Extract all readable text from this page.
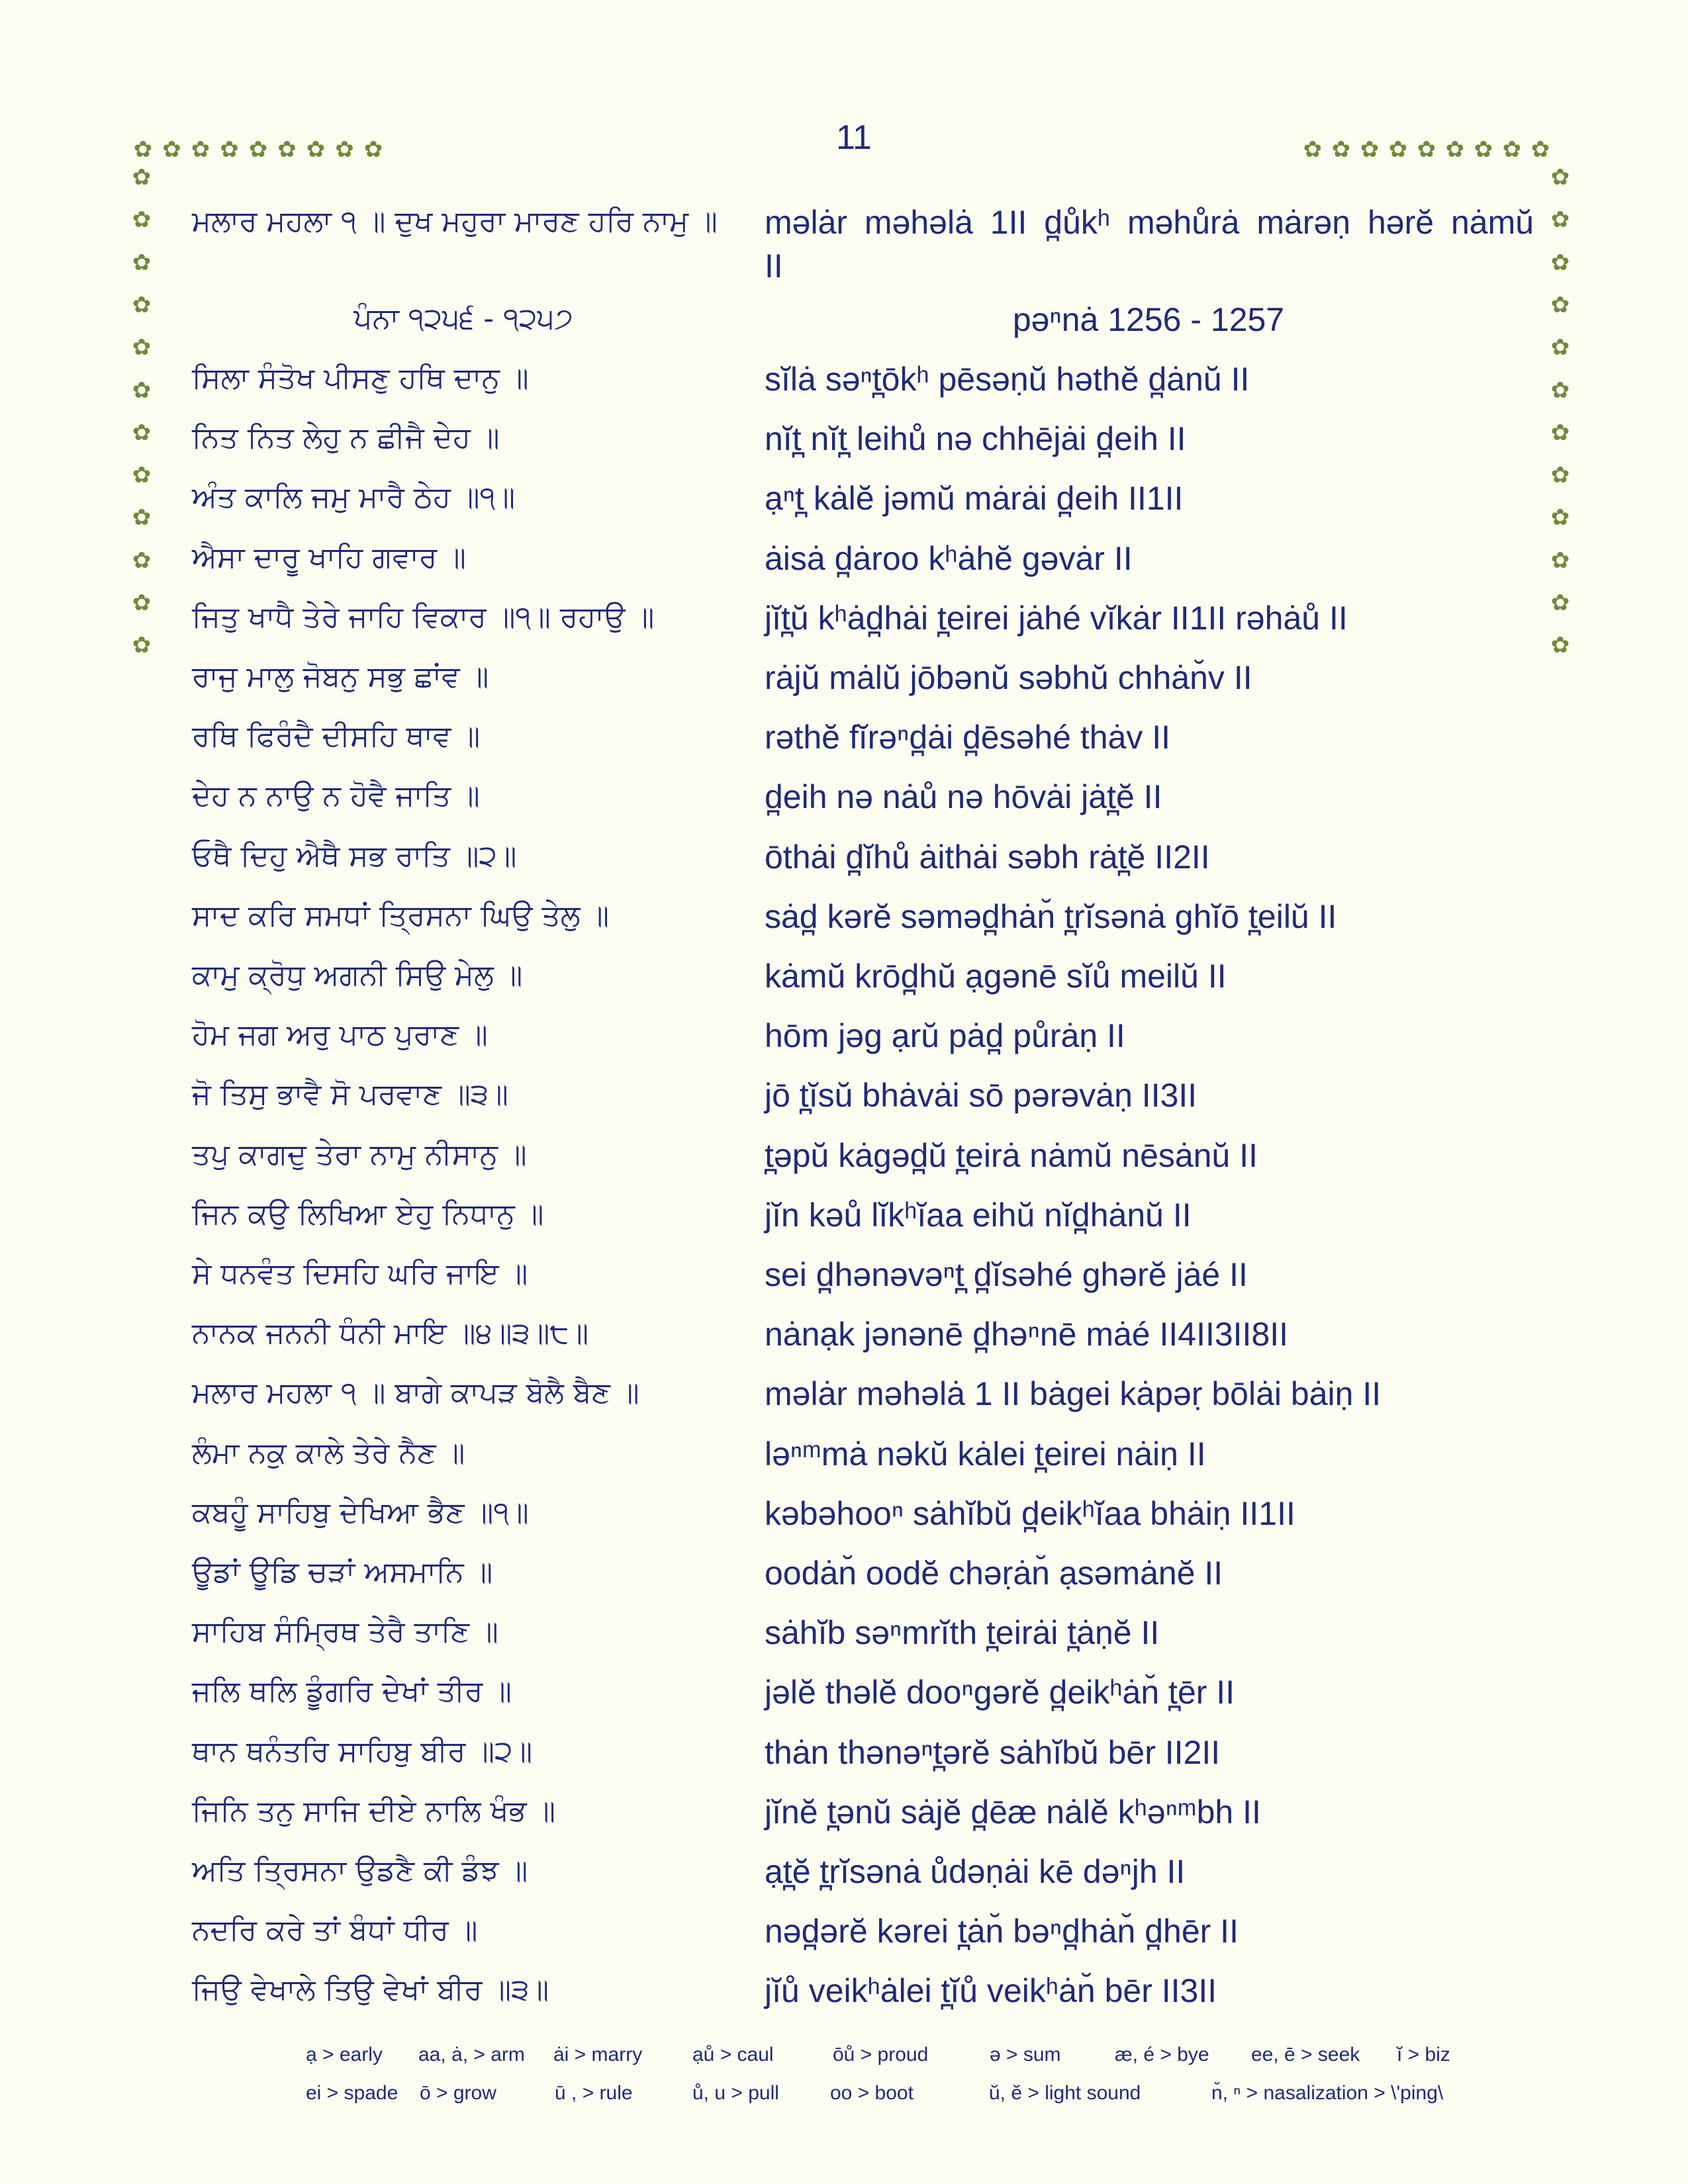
11
✿ ✿ ✿ ✿ ✿ ✿ ✿ ✿ ✿	✿ ✿ ✿ ✿ ✿ ✿ ✿ ✿ ✿
✿
✿
✿
✿
✿
✿
✿
✿
✿
✿
✿
✿
✿
✿
✿
✿
✿
✿
✿
✿
✿
✿
✿
✿
ਮਲਾਰ ਮਹਲਾ ੧ ॥ ਦੁਖ ਮਹੁਰਾ ਮਾਰਣ ਹਰਿ ਨਾਮੁ ॥	məlȧr məhəlȧ 1II d̪ůkʰ məhůrȧ mȧrəṇ hərĕ nȧmŭ II
ਪੰਨਾ ੧੨੫੬ - ੧੨੫੭	pəⁿnȧ 1256 - 1257
ਸਿਲਾ ਸੰਤੋਖ ਪੀਸਣੁ ਹਥਿ ਦਾਨੁ ॥	sĭlȧ səⁿt̪ōkʰ pēsəṇŭ həthĕ d̪ȧnŭ II
ਨਿਤ ਨਿਤ ਲੇਹੁ ਨ ਛੀਜੈ ਦੇਹ ॥	nĭt̪ nĭt̪ leihů nə chhējȧi d̪eih II
ਅੰਤ ਕਾਲਿ ਜਮੁ ਮਾਰੈ ਠੇਹ ॥੧॥	ạⁿt̪ kȧlĕ jəmŭ mȧrȧi d̪eih II1II
ਐਸਾ ਦਾਰੂ ਖਾਹਿ ਗਵਾਰ ॥	ȧisȧ d̪ȧroo kʰȧhĕ gəvȧr II
ਜਿਤੁ ਖਾਧੈ ਤੇਰੇ ਜਾਹਿ ਵਿਕਾਰ ॥੧॥ ਰਹਾਉ ॥	jĭt̪ŭ kʰȧd̪hȧi t̪eirei jȧhé vĭkȧr II1II rəhȧů II
ਰਾਜੁ ਮਾਲੁ ਜੋਬਨੁ ਸਭੁ ਛਾਂਵ ॥	rȧjŭ mȧlŭ jōbənŭ səbhŭ chhȧn̆v II
ਰਥਿ ਫਿਰੰਦੈ ਦੀਸਹਿ ਥਾਵ ॥	rəthĕ fĭrəⁿd̪ȧi d̪ēsəhé thȧv II
ਦੇਹ ਨ ਨਾਉ ਨ ਹੋਵੈ ਜਾਤਿ ॥	d̪eih nə nȧů nə hōvȧi jȧt̪ĕ II
ਓਥੈ ਦਿਹੁ ਐਥੈ ਸਭ ਰਾਤਿ ॥੨॥	ōthȧi d̪ĭhů ȧithȧi səbh rȧt̪ĕ II2II
ਸਾਦ ਕਰਿ ਸਮਧਾਂ ਤ੍ਰਿਸਨਾ ਘਿਉ ਤੇਲੁ ॥	sȧd̪ kərĕ səməd̪hȧn̆ t̪rĭsənȧ ghĭō t̪eilŭ II
ਕਾਮੁ ਕ੍ਰੋਧੁ ਅਗਨੀ ਸਿਉ ਮੇਲੁ ॥	kȧmŭ krōd̪hŭ ạgənē sĭů meilŭ II
ਹੋਮ ਜਗ ਅਰੁ ਪਾਠ ਪੁਰਾਣ ॥	hōm jəg ạrŭ pȧd̪ půrȧṇ II
ਜੋ ਤਿਸੁ ਭਾਵੈ ਸੋ ਪਰਵਾਣ ॥੩॥	jō t̪ĭsŭ bhȧvȧi sō pərəvȧṇ II3II
ਤਪੁ ਕਾਗਦੁ ਤੇਰਾ ਨਾਮੁ ਨੀਸਾਨੁ ॥	t̪əpŭ kȧgəd̪ŭ t̪eirȧ nȧmŭ nēsȧnŭ II
ਜਿਨ ਕਉ ਲਿਖਿਆ ਏਹੁ ਨਿਧਾਨੁ ॥	jĭn kəů lĭkʰĭaa eihŭ nĭd̪hȧnŭ II
ਸੇ ਧਨਵੰਤ ਦਿਸਹਿ ਘਰਿ ਜਾਇ ॥	sei d̪hənəvəⁿt̪ d̪ĭsəhé ghərĕ jȧé II
ਨਾਨਕ ਜਨਨੀ ਧੰਨੀ ਮਾਇ ॥੪॥੩॥੮॥	nȧnạk jənənē d̪həⁿnē mȧé II4II3II8II
ਮਲਾਰ ਮਹਲਾ ੧ ॥ ਬਾਗੇ ਕਾਪੜ ਬੋਲੈ ਬੈਣ ॥	məlȧr məhəlȧ 1 II bȧgei kȧpəṛ bōlȧi bȧiṇ II
ਲੰਮਾ ਨਕੁ ਕਾਲੇ ਤੇਰੇ ਨੈਣ ॥	ləⁿᵐmȧ nəkŭ kȧlei t̪eirei nȧiṇ II
ਕਬਹੂੰ ਸਾਹਿਬੁ ਦੇਖਿਆ ਭੈਣ ॥੧॥	kəbəhooⁿ sȧhĭbŭ d̪eikʰĭaa bhȧiṇ II1II
ਊਡਾਂ ਊਡਿ ਚੜਾਂ ਅਸਮਾਨਿ ॥	oodȧn̆ oodĕ chəṛȧn̆ ạsəmȧnĕ II
ਸਾਹਿਬ ਸੰਮ੍ਰਿਥ ਤੇਰੈ ਤਾਣਿ ॥	sȧhĭb səⁿmrĭth t̪eirȧi t̪ȧṇĕ II
ਜਲਿ ਥਲਿ ਡੂੰਗਰਿ ਦੇਖਾਂ ਤੀਰ ॥	jəlĕ thəlĕ dooⁿgərĕ d̪eikʰȧn̆ t̪ēr II
ਥਾਨ ਥਨੰਤਰਿ ਸਾਹਿਬੁ ਬੀਰ ॥੨॥	thȧn thənəⁿt̪ərĕ sȧhĭbŭ bēr II2II
ਜਿਨਿ ਤਨੁ ਸਾਜਿ ਦੀਏ ਨਾਲਿ ਖੰਭ ॥	jĭnĕ t̪ənŭ sȧjĕ d̪ēæ nȧlĕ kʰəⁿᵐbh II
ਅਤਿ ਤ੍ਰਿਸਨਾ ਉਡਣੈ ਕੀ ਡੰਝ ॥	ạt̪ĕ t̪rĭsənȧ ůdəṇȧi kē dəⁿjh II
ਨਦਰਿ ਕਰੇ ਤਾਂ ਬੰਧਾਂ ਧੀਰ ॥	nəd̪ərĕ kərei t̪ȧn̆ bəⁿd̪hȧn̆ d̪hēr II
ਜਿਉ ਵੇਖਾਲੇ ਤਿਉ ਵੇਖਾਂ ਬੀਰ ॥੩॥	jĭů veikʰȧlei t̪ĭů veikʰȧn̆ bēr II3II
ạ > early aa, ȧ, > arm ȧi > marry	ạů > caul	ōů > proud	ə > sum	æ, é > bye ee, ē > seek ĭ > biz
ei > spade ō > grow	ū , > rule	ů, u > pull	oo > boot	ŭ, ĕ > light sound	n̆, ⁿ > nasalization > \'ping\
